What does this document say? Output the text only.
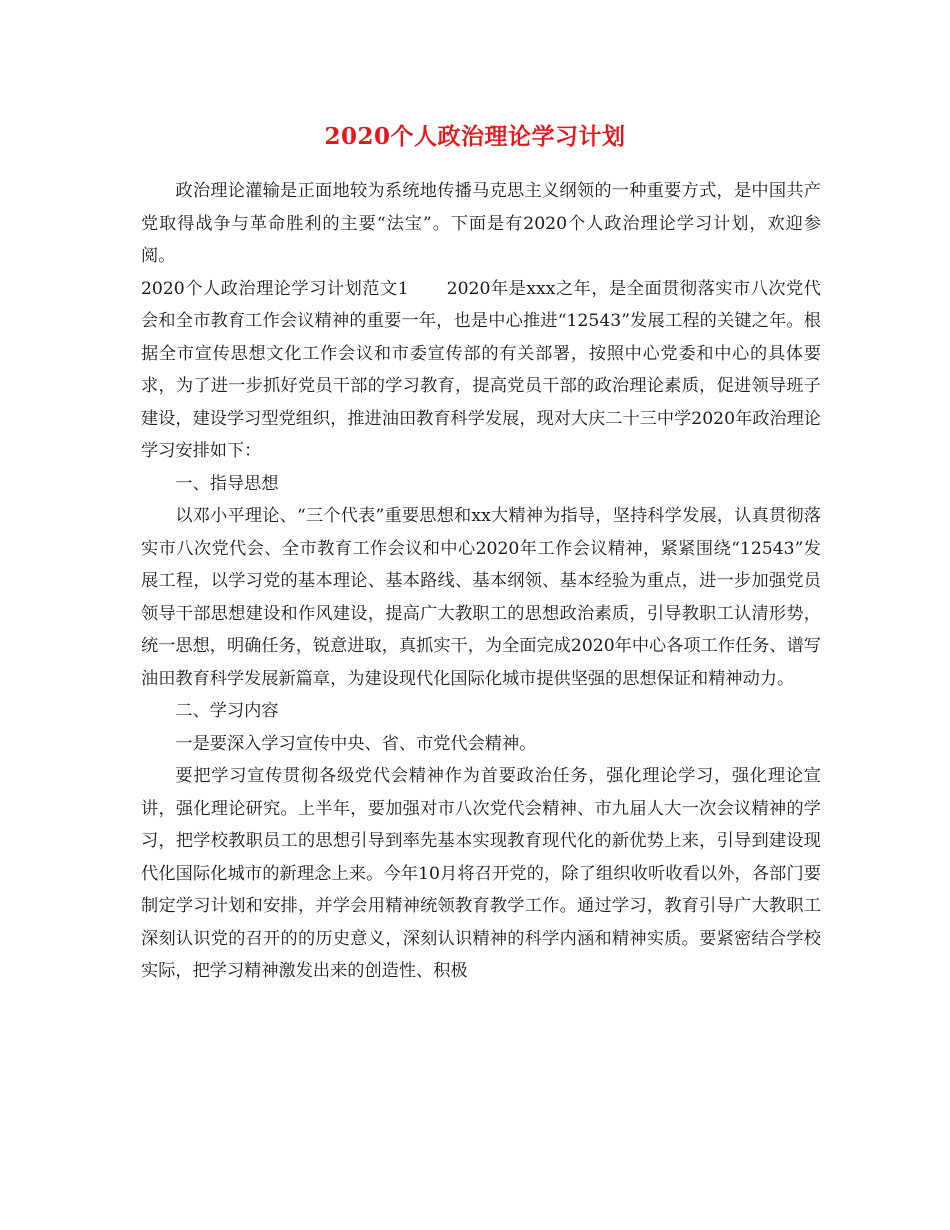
2020个人政治理论学习计划

政治理论灌输是正面地较为系统地传播马克思主义纲领的一种重要方式，是中国共产党取得战争与革命胜利的主要“法宝”。下面是有2020个人政治理论学习计划，欢迎参阅。

2020个人政治理论学习计划范文1 2020年是xxx之年，是全面贯彻落实市八次党代会和全市教育工作会议精神的重要一年，也是中心推进“12543”发展工程的关键之年。根据全市宣传思想文化工作会议和市委宣传部的有关部署，按照中心党委和中心的具体要求，为了进一步抓好党员干部的学习教育，提高党员干部的政治理论素质，促进领导班子建设，建设学习型党组织，推进油田教育科学发展，现对大庆二十三中学2020年政治理论学习安排如下：

一、指导思想

以邓小平理论、“三个代表”重要思想和xx大精神为指导，坚持科学发展，认真贯彻落实市八次党代会、全市教育工作会议和中心2020年工作会议精神，紧紧围绕“12543”发展工程，以学习党的基本理论、基本路线、基本纲领、基本经验为重点，进一步加强党员领导干部思想建设和作风建设，提高广大教职工的思想政治素质，引导教职工认清形势，统一思想，明确任务，锐意进取，真抓实干，为全面完成2020年中心各项工作任务、谱写油田教育科学发展新篇章，为建设现代化国际化城市提供坚强的思想保证和精神动力。

二、学习内容

一是要深入学习宣传中央、省、市党代会精神。

要把学习宣传贯彻各级党代会精神作为首要政治任务，强化理论学习，强化理论宣讲，强化理论研究。上半年，要加强对市八次党代会精神、市九届人大一次会议精神的学习，把学校教职员工的思想引导到率先基本实现教育现代化的新优势上来，引导到建设现代化国际化城市的新理念上来。今年10月将召开党的，除了组织收听收看以外，各部门要制定学习计划和安排，并学会用精神统领教育教学工作。通过学习，教育引导广大教职工深刻认识党的召开的的历史意义，深刻认识精神的科学内涵和精神实质。要紧密结合学校实际，把学习精神激发出来的创造性、积极
